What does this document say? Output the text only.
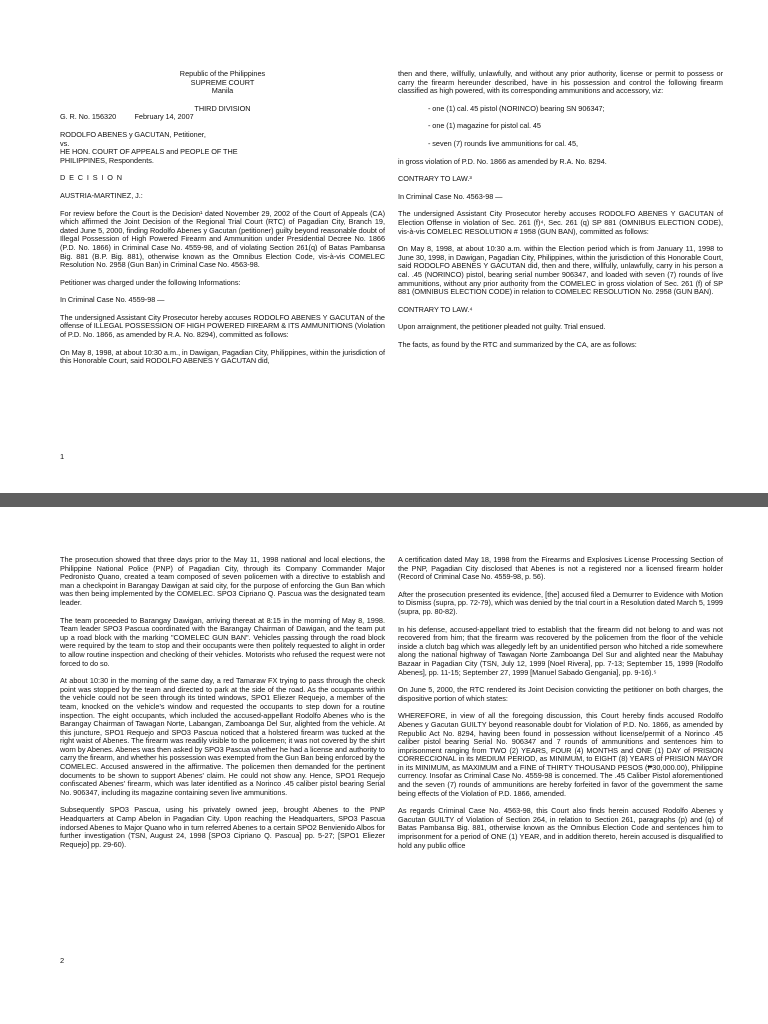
Republic of the Philippines

SUPREME COURT

Manila

THIRD DIVISION

G. R. No. 156320          February 14, 2007

RODOLFO ABENES y GACUTAN, Petitioner,

vs.

HE HON. COURT OF APPEALS and PEOPLE OF THE

PHILIPPINES, Respondents.

D E C I S I O N

AUSTRIA-MARTINEZ, J.:

For review before the Court is the Decision¹ dated November 29, 2002 of the Court of Appeals (CA) which affirmed the Joint Decision of the Regional Trial Court (RTC) of Pagadian City, Branch 19, dated June 5, 2000, finding Rodolfo Abenes y Gacutan (petitioner) guilty beyond reasonable doubt of Illegal Possession of High Powered Firearm and Ammunition under Presidential Decree No. 1866 (P.D. No. 1866) in Criminal Case No. 4559-98, and of violating Section 261(q) of Batas Pambansa Big. 881 (B.P. Big. 881), otherwise known as the Omnibus Election Code, vis-à-vis COMELEC Resolution No. 2958 (Gun Ban) in Criminal Case No. 4563-98.

Petitioner was charged under the following Informations:

In Criminal Case No. 4559-98 —

The undersigned Assistant City Prosecutor hereby accuses RODOLFO ABENES Y GACUTAN of the offense of ILLEGAL POSSESSION OF HIGH POWERED FIREARM & ITS AMMUNITIONS (Violation of P.D. No. 1866, as amended by R.A. No. 8294), committed as follows:

On May 8, 1998, at about 10:30 a.m., in Dawigan, Pagadian City, Philippines, within the jurisdiction of this Honorable Court, said RODOLFO ABENES Y GACUTAN did,

then and there, willfully, unlawfully, and without any prior authority, license or permit to possess or carry the firearm hereunder described, have in his possession and control the following firearm classified as high powered, with its corresponding ammunitions and accessory, viz:

- one (1) cal. 45 pistol (NORINCO) bearing SN 906347;

- one (1) magazine for pistol cal. 45

- seven (7) rounds live ammunitions for cal. 45,

in gross violation of P.D. No. 1866 as amended by R.A. No. 8294.

CONTRARY TO LAW.³

In Criminal Case No. 4563-98 —

The undersigned Assistant City Prosecutor hereby accuses RODOLFO ABENES Y GACUTAN of Election Offense in violation of Sec. 261 (f)⁴, Sec. 261 (q) SP 881 (OMNIBUS ELECTION CODE), vis-à-vis COMELEC RESOLUTION # 1958 (GUN BAN), committed as follows:

On May 8, 1998, at about 10:30 a.m. within the Election period which is from January 11, 1998 to June 30, 1998, in Dawigan, Pagadian City, Philippines, within the jurisdiction of this Honorable Court, said RODOLFO ABENES Y GACUTAN did, then and there, willfully, unlawfully, carry in his person a cal. .45 (NORINCO) pistol, bearing serial number 906347, and loaded with seven (7) rounds of live ammunitions, without any prior authority from the COMELEC in gross violation of Sec. 261 (f) of SP 881 (OMNIBUS ELECTION CODE) in relation to COMELEC RESOLUTION No. 2958 (GUN BAN).

CONTRARY TO LAW.⁴

Upon arraignment, the petitioner pleaded not guilty. Trial ensued.

The facts, as found by the RTC and summarized by the CA, are as follows:

1

The prosecution showed that three days prior to the May 11, 1998 national and local elections, the Philippine National Police (PNP) of Pagadian City, through its Company Commander Major Pedronisto Quano, created a team composed of seven policemen with a directive to establish and man a checkpoint in Barangay Dawigan at said city, for the purpose of enforcing the Gun Ban which was then being implemented by the COMELEC. SPO3 Cipriano Q. Pascua was the designated team leader.

The team proceeded to Barangay Dawigan, arriving thereat at 8:15 in the morning of May 8, 1998. Team leader SPO3 Pascua coordinated with the Barangay Chairman of Dawigan, and the team put up a road block with the marking "COMELEC GUN BAN". Vehicles passing through the road block were required by the team to stop and their occupants were then politely requested to alight in order to allow routine inspection and checking of their vehicles. Motorists who refused the request were not forced to do so.

At about 10:30 in the morning of the same day, a red Tamaraw FX trying to pass through the check point was stopped by the team and directed to park at the side of the road. As the occupants within the vehicle could not be seen through its tinted windows, SPO1 Eliezer Requejo, a member of the team, knocked on the vehicle's window and requested the occupants to step down for a routine inspection. The eight occupants, which included the accused-appellant Rodolfo Abenes who is the Barangay Chairman of Tawagan Norte, Labangan, Zamboanga Del Sur, alighted from the vehicle. At this juncture, SPO1 Requejo and SPO3 Pascua noticed that a holstered firearm was tucked at the right waist of Abenes. The firearm was readily visible to the policemen; it was not covered by the shirt worn by Abenes. Abenes was then asked by SPO3 Pascua whether he had a license and authority to carry the firearm, and whether his possession was exempted from the Gun Ban being enforced by the COMELEC. Accused answered in the affirmative. The policemen then demanded for the pertinent documents to be shown to support Abenes' claim. He could not show any. Hence, SPO1 Requejo confiscated Abenes' firearm, which was later identified as a Norinco .45 caliber pistol bearing Serial No. 906347, including its magazine containing seven live ammunitions.

Subsequently SPO3 Pascua, using his privately owned jeep, brought Abenes to the PNP Headquarters at Camp Abelon in Pagadian City. Upon reaching the Headquarters, SPO3 Pascua indorsed Abenes to Major Quano who in turn referred Abenes to a certain SPO2 Benvienido Albos for further investigation (TSN, August 24, 1998 [SPO3 Cipriano Q. Pascua] pp. 5-27; [SPO1 Eliezer Requejo] pp. 29-60).

A certification dated May 18, 1998 from the Firearms and Explosives License Processing Section of the PNP, Pagadian City disclosed that Abenes is not a registered nor a licensed firearm holder (Record of Criminal Case No. 4559-98, p. 56).

After the prosecution presented its evidence, [the] accused filed a Demurrer to Evidence with Motion to Dismiss (supra, pp. 72-79), which was denied by the trial court in a Resolution dated March 5, 1999 (supra, pp. 80-82).

In his defense, accused-appellant tried to establish that the firearm did not belong to and was not recovered from him; that the firearm was recovered by the policemen from the floor of the vehicle inside a clutch bag which was allegedly left by an unidentified person who hitched a ride somewhere along the national highway of Tawagan Norte Zamboanga Del Sur and alighted near the Mabuhay Bazaar in Pagadian City (TSN, July 12, 1999 [Noel Rivera], pp. 7-13; September 15, 1999 [Rodolfo Abenes], pp. 11-15; September 27, 1999 [Manuel Sabado Gengania], pp. 9-16).⁵

On June 5, 2000, the RTC rendered its Joint Decision convicting the petitioner on both charges, the dispositive portion of which states:

WHEREFORE, in view of all the foregoing discussion, this Court hereby finds accused Rodolfo Abenes y Gacutan GUILTY beyond reasonable doubt for Violation of P.D. No. 1866, as amended by Republic Act No. 8294, having been found in possession without license/permit of a Norinco .45 caliber pistol bearing Serial No. 906347 and 7 rounds of ammunitions and sentences him to imprisonment ranging from TWO (2) YEARS, FOUR (4) MONTHS and ONE (1) DAY of PRISION CORRECCIONAL in its MEDIUM PERIOD, as MINIMUM, to EIGHT (8) YEARS of PRISION MAYOR in its MINIMUM, as MAXIMUM and a FINE of THIRTY THOUSAND PESOS (₱30,000.00), Philippine currency. Insofar as Criminal Case No. 4559-98 is concerned. The .45 Caliber Pistol aforementioned and the seven (7) rounds of ammunitions are hereby forfeited in favor of the government the same being effects of the Violation of P.D. 1866, amended.

As regards Criminal Case No. 4563-98, this Court also finds herein accused Rodolfo Abenes y Gacutan GUILTY of Violation of Section 264, in relation to Section 261, paragraphs (p) and (q) of Batas Pambansa Big. 881, otherwise known as the Omnibus Election Code and sentences him to imprisonment for a period of ONE (1) YEAR, and in addition thereto, herein accused is disqualified to hold any public office

2
